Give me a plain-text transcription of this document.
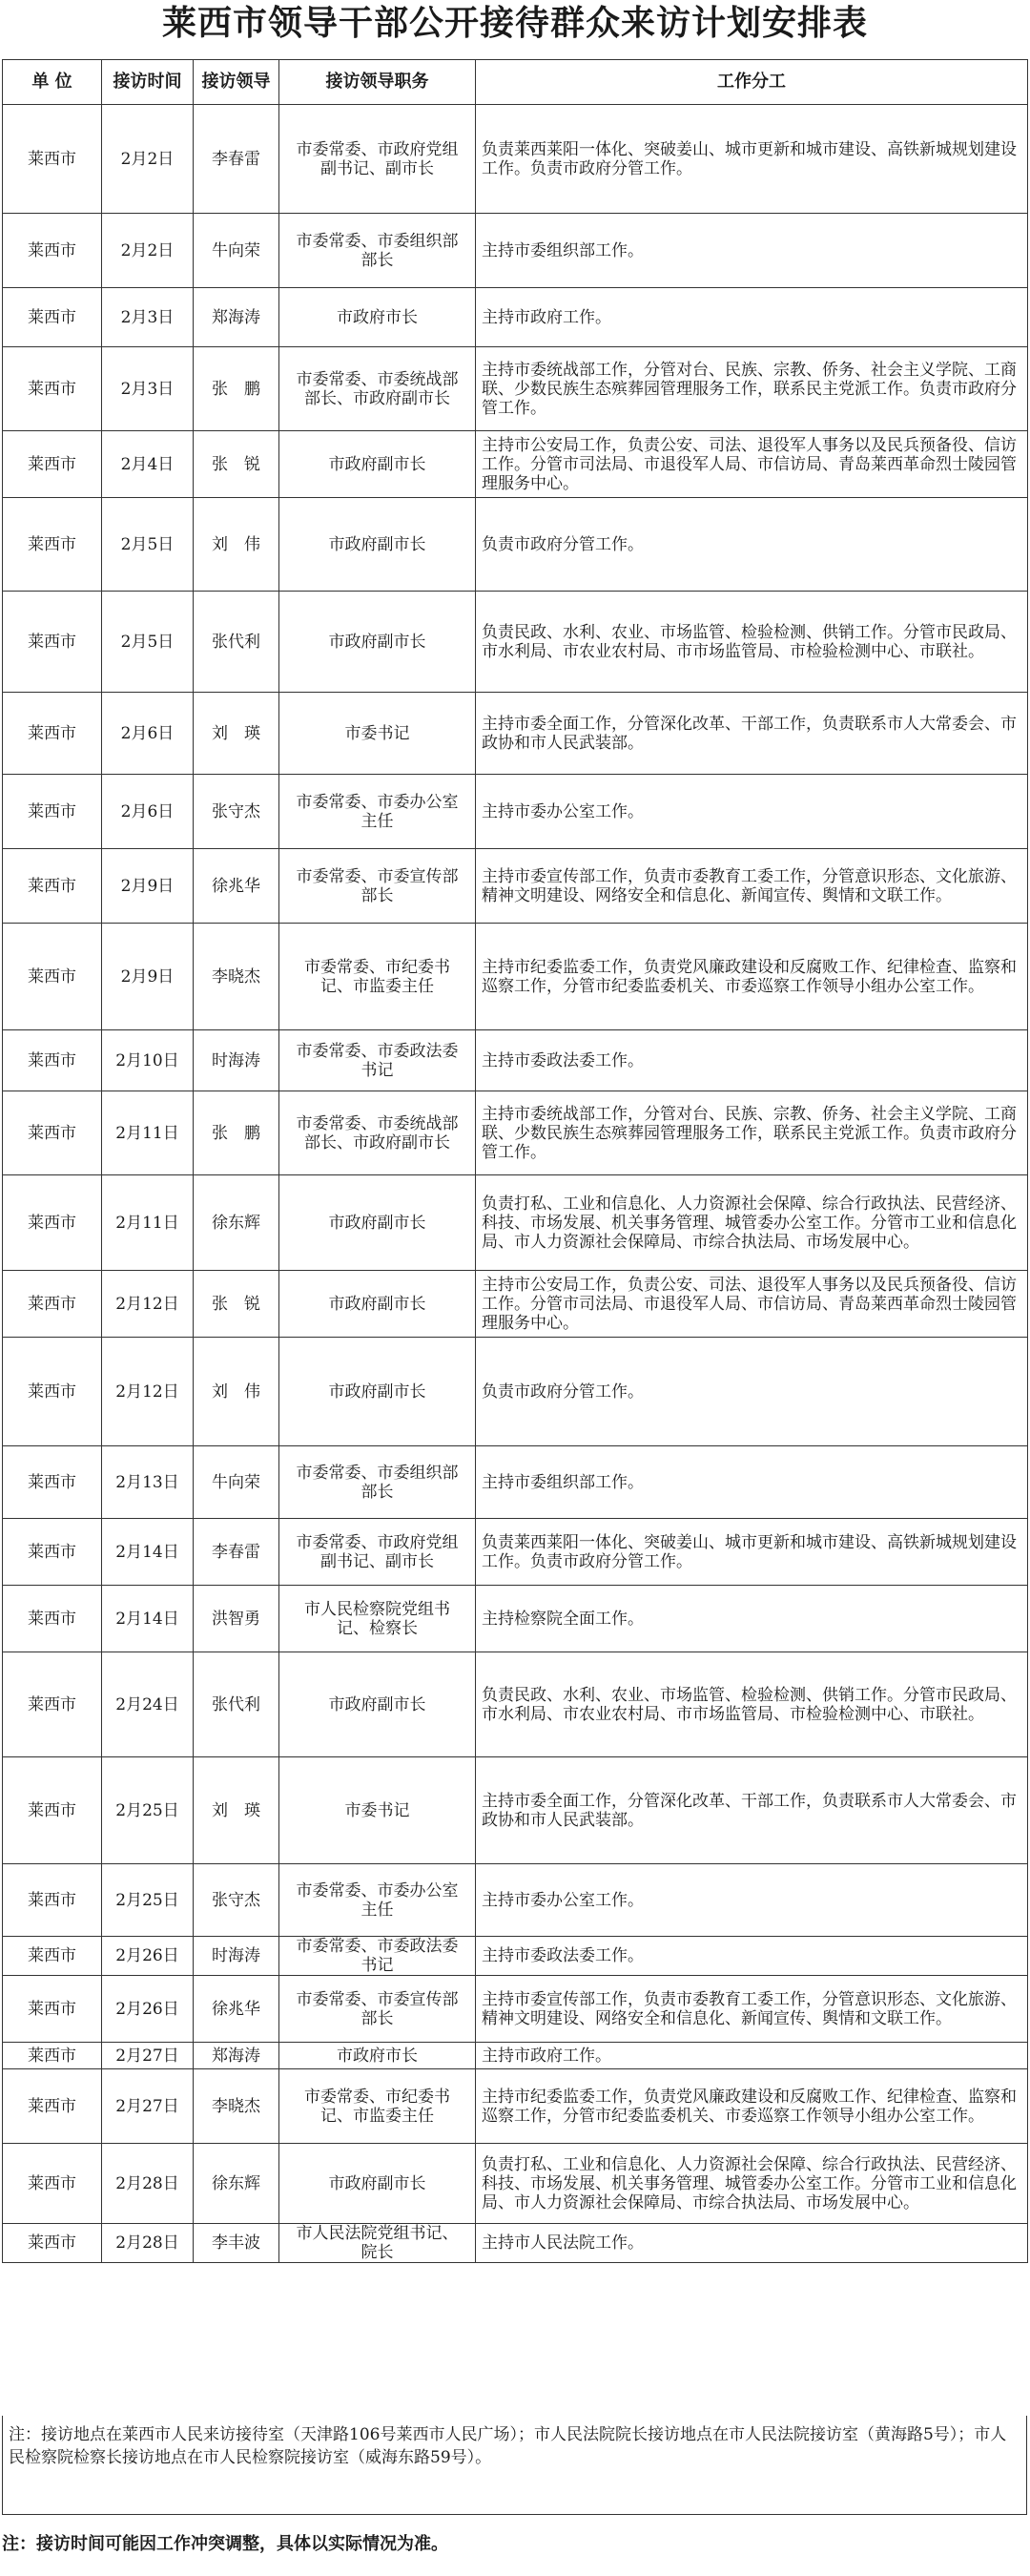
莱西市领导干部公开接待群众来访计划安排表
单 位	接访时间	接访领导	接访领导职务	工作分工
莱西市	2月2日	李春雷	市委常委、市政府党组副书记、副市长	负责莱西莱阳一体化、突破姜山、城市更新和城市建设、高铁新城规划建设工作。负责市政府分管工作。
莱西市	2月2日	牛向荣	市委常委、市委组织部部长	主持市委组织部工作。
莱西市	2月3日	郑海涛	市政府市长	主持市政府工作。
莱西市	2月3日	张　鹏	市委常委、市委统战部部长、市政府副市长	主持市委统战部工作，分管对台、民族、宗教、侨务、社会主义学院、工商联、少数民族生态殡葬园管理服务工作，联系民主党派工作。负责市政府分管工作。
莱西市	2月4日	张　锐	市政府副市长	主持市公安局工作，负责公安、司法、退役军人事务以及民兵预备役、信访工作。分管市司法局、市退役军人局、市信访局、青岛莱西革命烈士陵园管理服务中心。
莱西市	2月5日	刘　伟	市政府副市长	负责市政府分管工作。
莱西市	2月5日	张代利	市政府副市长	负责民政、水利、农业、市场监管、检验检测、供销工作。分管市民政局、市水利局、市农业农村局、市市场监管局、市检验检测中心、市联社。
莱西市	2月6日	刘　瑛	市委书记	主持市委全面工作，分管深化改革、干部工作，负责联系市人大常委会、市政协和市人民武装部。
莱西市	2月6日	张守杰	市委常委、市委办公室主任	主持市委办公室工作。
莱西市	2月9日	徐兆华	市委常委、市委宣传部部长	主持市委宣传部工作，负责市委教育工委工作，分管意识形态、文化旅游、精神文明建设、网络安全和信息化、新闻宣传、舆情和文联工作。
莱西市	2月9日	李晓杰	市委常委、市纪委书记、市监委主任	主持市纪委监委工作，负责党风廉政建设和反腐败工作、纪律检查、监察和巡察工作，分管市纪委监委机关、市委巡察工作领导小组办公室工作。
莱西市	2月10日	时海涛	市委常委、市委政法委书记	主持市委政法委工作。
莱西市	2月11日	张　鹏	市委常委、市委统战部部长、市政府副市长	主持市委统战部工作，分管对台、民族、宗教、侨务、社会主义学院、工商联、少数民族生态殡葬园管理服务工作，联系民主党派工作。负责市政府分管工作。
莱西市	2月11日	徐东辉	市政府副市长	负责打私、工业和信息化、人力资源社会保障、综合行政执法、民营经济、科技、市场发展、机关事务管理、城管委办公室工作。分管市工业和信息化局、市人力资源社会保障局、市综合执法局、市场发展中心。
莱西市	2月12日	张　锐	市政府副市长	主持市公安局工作，负责公安、司法、退役军人事务以及民兵预备役、信访工作。分管市司法局、市退役军人局、市信访局、青岛莱西革命烈士陵园管理服务中心。
莱西市	2月12日	刘　伟	市政府副市长	负责市政府分管工作。
莱西市	2月13日	牛向荣	市委常委、市委组织部部长	主持市委组织部工作。
莱西市	2月14日	李春雷	市委常委、市政府党组副书记、副市长	负责莱西莱阳一体化、突破姜山、城市更新和城市建设、高铁新城规划建设工作。负责市政府分管工作。
莱西市	2月14日	洪智勇	市人民检察院党组书记、检察长	主持检察院全面工作。
莱西市	2月24日	张代利	市政府副市长	负责民政、水利、农业、市场监管、检验检测、供销工作。分管市民政局、市水利局、市农业农村局、市市场监管局、市检验检测中心、市联社。
莱西市	2月25日	刘　瑛	市委书记	主持市委全面工作，分管深化改革、干部工作，负责联系市人大常委会、市政协和市人民武装部。
莱西市	2月25日	张守杰	市委常委、市委办公室主任	主持市委办公室工作。
莱西市	2月26日	时海涛	市委常委、市委政法委书记	主持市委政法委工作。
莱西市	2月26日	徐兆华	市委常委、市委宣传部部长	主持市委宣传部工作，负责市委教育工委工作，分管意识形态、文化旅游、精神文明建设、网络安全和信息化、新闻宣传、舆情和文联工作。
莱西市	2月27日	郑海涛	市政府市长	主持市政府工作。
莱西市	2月27日	李晓杰	市委常委、市纪委书记、市监委主任	主持市纪委监委工作，负责党风廉政建设和反腐败工作、纪律检查、监察和巡察工作，分管市纪委监委机关、市委巡察工作领导小组办公室工作。
莱西市	2月28日	徐东辉	市政府副市长	负责打私、工业和信息化、人力资源社会保障、综合行政执法、民营经济、科技、市场发展、机关事务管理、城管委办公室工作。分管市工业和信息化局、市人力资源社会保障局、市综合执法局、市场发展中心。
莱西市	2月28日	李丰波	市人民法院党组书记、院长	主持市人民法院工作。
注：接访地点在莱西市人民来访接待室（天津路106号莱西市人民广场）；市人民法院院长接访地点在市人民法院接访室（黄海路5号）；市人民检察院检察长接访地点在市人民检察院接访室（威海东路59号）。
注：接访时间可能因工作冲突调整，具体以实际情况为准。
